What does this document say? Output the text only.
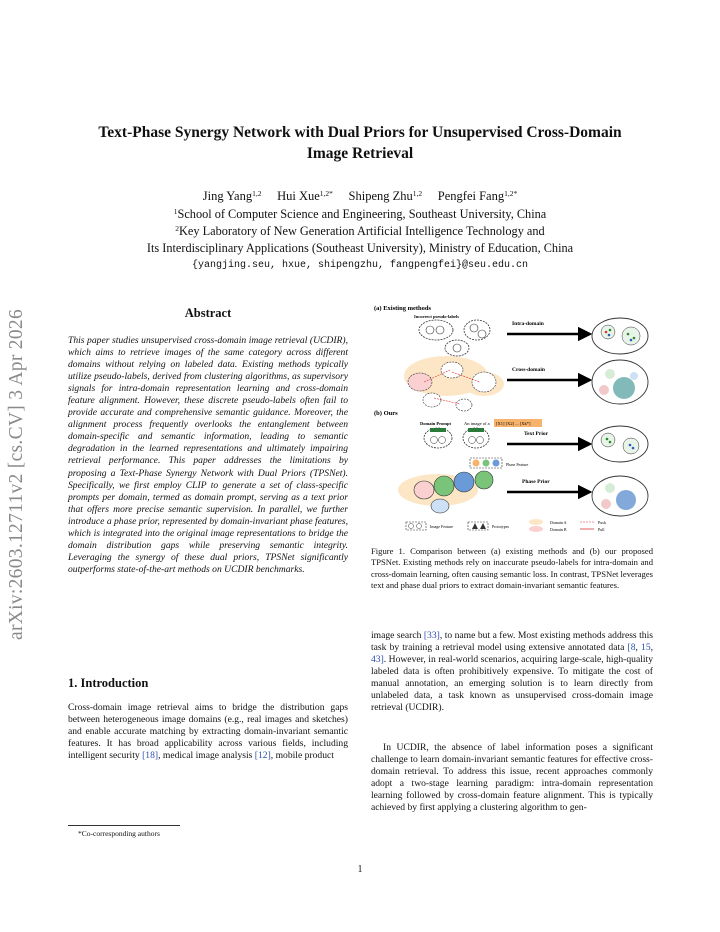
arXiv:2603.12711v2 [cs.CV] 3 Apr 2026
Text-Phase Synergy Network with Dual Priors for Unsupervised Cross-Domain
Image Retrieval
Jing Yang$^{1,2}$ Hui Xue$^{1,2*}$ Shipeng Zhu$^{1,2}$ Pengfei Fang$^{1,2*}$
$^1$School of Computer Science and Engineering, Southeast University, China
$^2$Key Laboratory of New Generation Artificial Intelligence Technology and
Its Interdisciplinary Applications (Southeast University), Ministry of Education, China
{yangjing.seu, hxue, shipengzhu, fangpengfei}@seu.edu.cn
Abstract
This paper studies unsupervised cross-domain image retrieval (UCDIR), which aims to retrieve images of the same category across different domains without relying on labeled data. Existing methods typically utilize pseudo-labels, derived from clustering algorithms, as supervisory signals for intra-domain representation learning and cross-domain feature alignment. However, these discrete pseudo-labels often fail to provide accurate and comprehensive semantic guidance. Moreover, the alignment process frequently overlooks the entanglement between domain-specific and semantic information, leading to semantic degradation in the learned representations and ultimately impairing retrieval performance. This paper addresses the limitations by proposing a Text-Phase Synergy Network with Dual Priors (TPSNet). Specifically, we first employ CLIP to generate a set of class-specific prompts per domain, termed as domain prompt, serving as a text prior that offers more precise semantic supervision. In parallel, we further introduce a phase prior, represented by domain-invariant phase features, which is integrated into the original image representations to bridge the domain distribution gaps while preserving semantic integrity. Leveraging the synergy of these dual priors, TPSNet significantly outperforms state-of-the-art methods on UCDIR benchmarks.
1. Introduction
Cross-domain image retrieval aims to bridge the distribution gaps between heterogeneous image domains (e.g., real images and sketches) and enable accurate matching by extracting domain-invariant semantic features. It has broad applicability across various fields, including intelligent security [18], medical image analysis [12], mobile product
*Co-corresponding authors
(a) Existing methods
Incorrect pseudo-labels
Intra-domain
Cross-domain
(b) Ours
Domain Prompt	An image of a [X1] [X2] ... [Xk*]
Text Prior
Phase Feature
Phase Prior
Image Feature	Prototypes
Domain A
Domain B
Push
Pull
Figure 1. Comparison between (a) existing methods and (b) our proposed TPSNet. Existing methods rely on inaccurate pseudo-labels for intra-domain and cross-domain learning, often causing semantic loss. In contrast, TPSNet leverages text and phase dual priors to extract domain-invariant semantic features.
image search [33], to name but a few. Most existing methods address this task by training a retrieval model using extensive annotated data [8, 15, 43]. However, in real-world scenarios, acquiring large-scale, high-quality labeled data is often prohibitively expensive. To mitigate the cost of manual annotation, an emerging solution is to learn directly from unlabeled data, a task known as unsupervised cross-domain image retrieval (UCDIR).
In UCDIR, the absence of label information poses a significant challenge to learn domain-invariant semantic features for effective cross-domain retrieval. To address this issue, recent approaches commonly adopt a two-stage learning paradigm: intra-domain representation learning followed by cross-domain feature alignment. This is typically achieved by first applying a clustering algorithm to gen-
1
